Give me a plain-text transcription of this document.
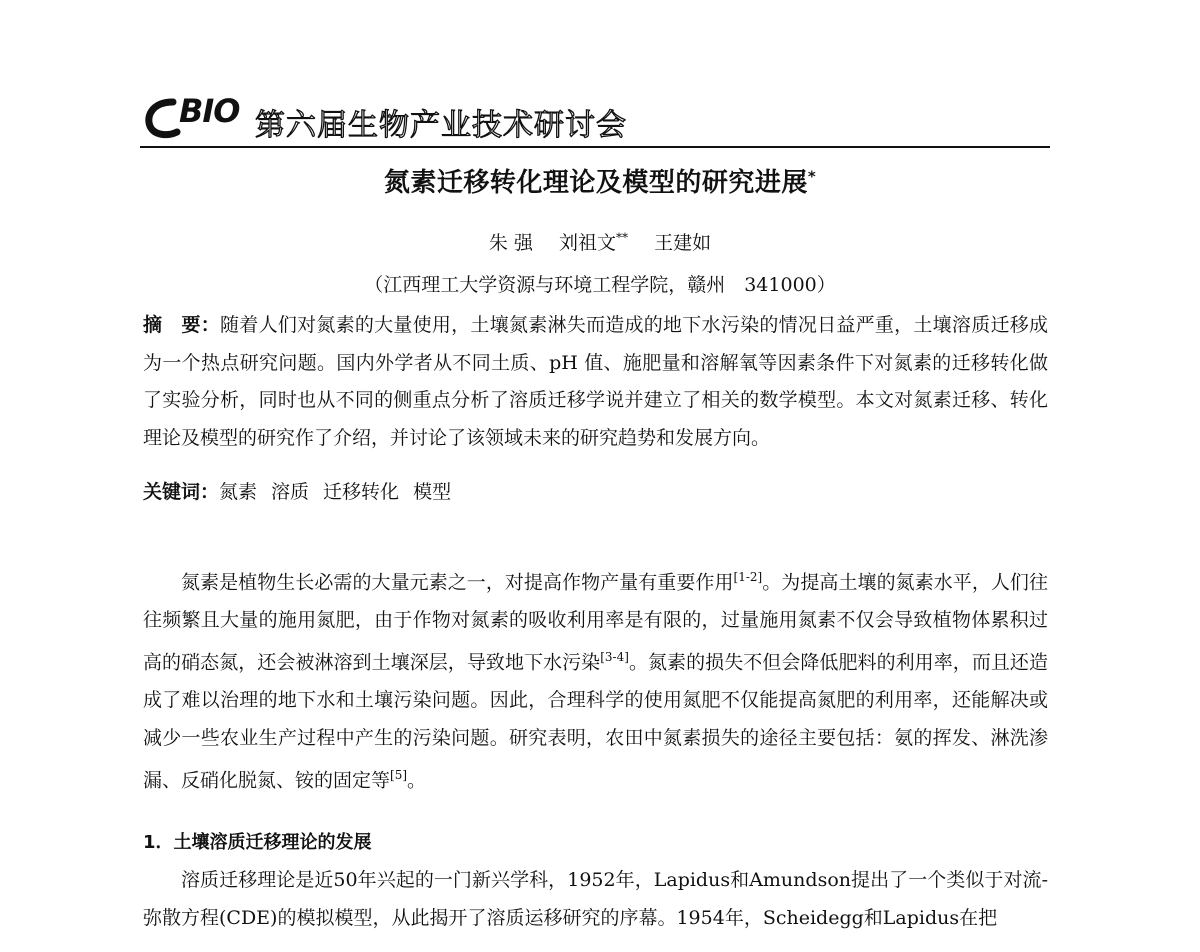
BIO 第六届生物产业技术研讨会
氮素迁移转化理论及模型的研究进展*
朱 强 刘祖文** 王建如
（江西理工大学资源与环境工程学院，赣州　341000）
摘　要：随着人们对氮素的大量使用，土壤氮素淋失而造成的地下水污染的情况日益严重，土壤溶质迁移成为一个热点研究问题。国内外学者从不同土质、pH 值、施肥量和溶解氧等因素条件下对氮素的迁移转化做了实验分析，同时也从不同的侧重点分析了溶质迁移学说并建立了相关的数学模型。本文对氮素迁移、转化理论及模型的研究作了介绍，并讨论了该领域未来的研究趋势和发展方向。
关键词：氮素 溶质 迁移转化 模型
氮素是植物生长必需的大量元素之一，对提高作物产量有重要作用[1-2]。为提高土壤的氮素水平，人们往往频繁且大量的施用氮肥，由于作物对氮素的吸收利用率是有限的，过量施用氮素不仅会导致植物体累积过高的硝态氮，还会被淋溶到土壤深层，导致地下水污染[3-4]。氮素的损失不但会降低肥料的利用率，而且还造成了难以治理的地下水和土壤污染问题。因此，合理科学的使用氮肥不仅能提高氮肥的利用率，还能解决或减少一些农业生产过程中产生的污染问题。研究表明，农田中氮素损失的途径主要包括：氨的挥发、淋洗渗漏、反硝化脱氮、铵的固定等[5]。
1．土壤溶质迁移理论的发展
溶质迁移理论是近50年兴起的一门新兴学科，1952年，Lapidus和Amundson提出了一个类似于对流-弥散方程(CDE)的模拟模型，从此揭开了溶质运移研究的序幕。1954年，Scheidegg和Lapidus在把
